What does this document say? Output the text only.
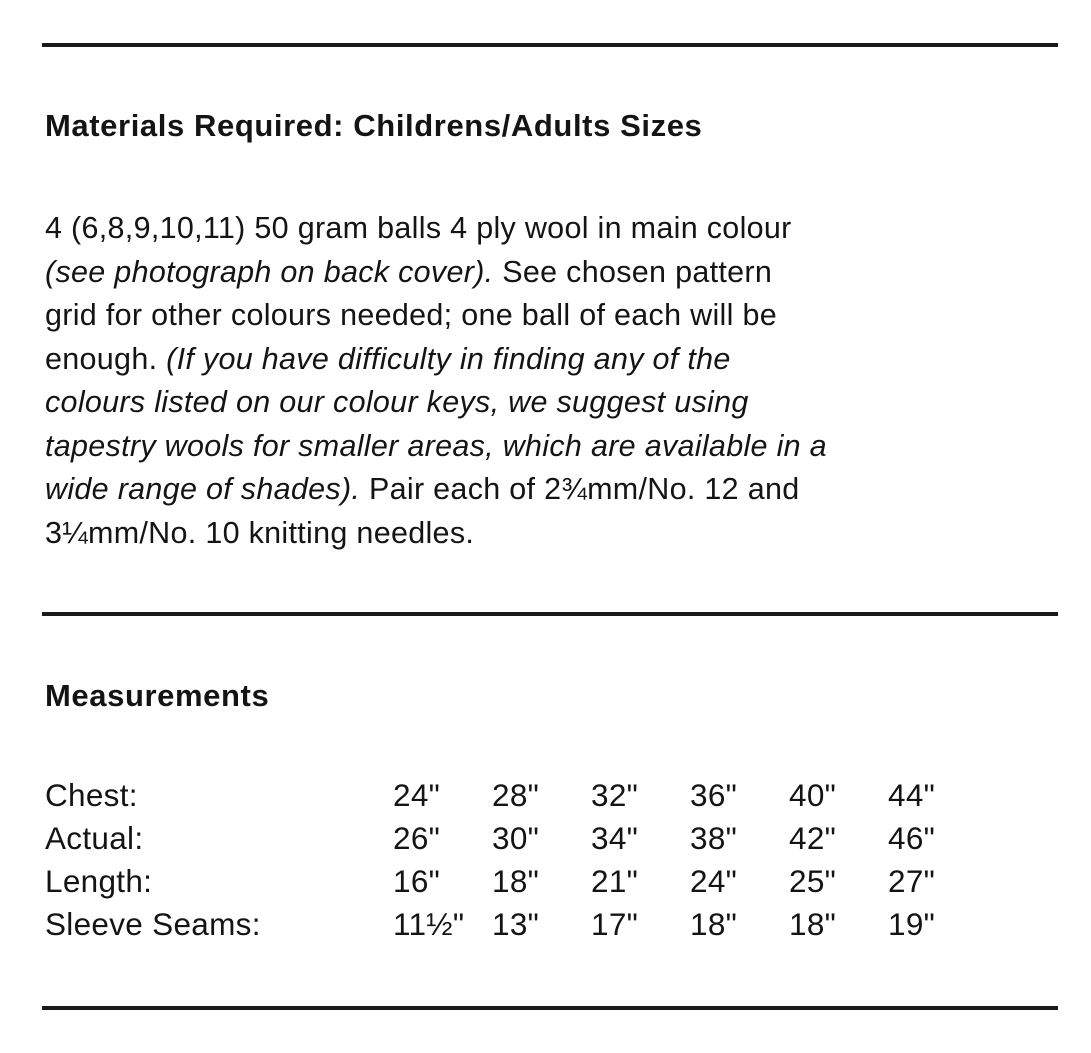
Materials Required: Childrens/Adults Sizes

4 (6,8,9,10,11) 50 gram balls 4 ply wool in main colour
(see photograph on back cover). See chosen pattern
grid for other colours needed; one ball of each will be
enough. (If you have difficulty in finding any of the
colours listed on our colour keys, we suggest using
tapestry wools for smaller areas, which are available in a
wide range of shades). Pair each of 2¾mm/No. 12 and
3¼mm/No. 10 knitting needles.

Measurements
Chest:	24"	28"	32"	36"	40"	44"
Actual:	26"	30"	34"	38"	42"	46"
Length:	16"	18"	21"	24"	25"	27"
Sleeve Seams:	11½"	13"	17"	18"	18"	19"
